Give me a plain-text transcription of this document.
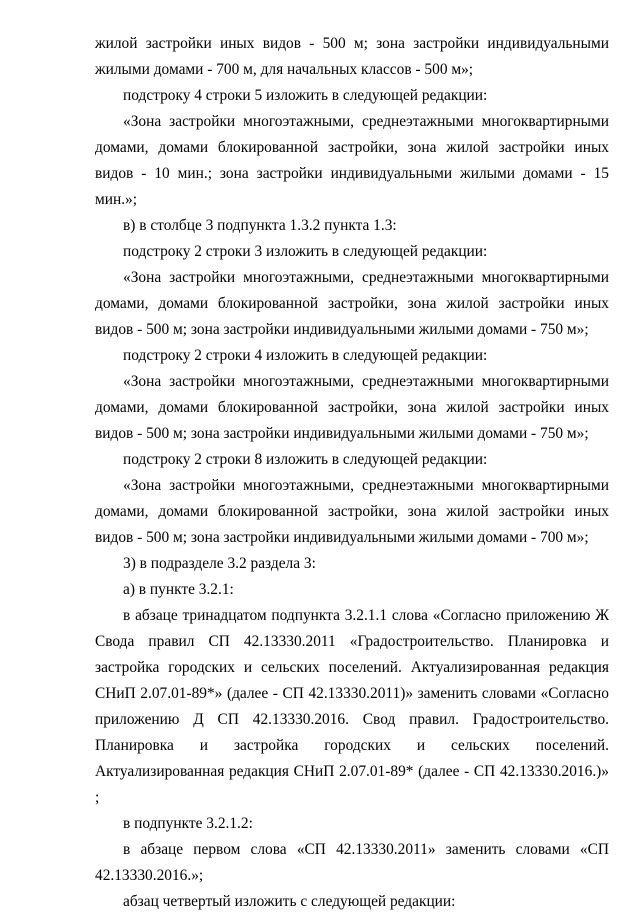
жилой застройки иных видов - 500 м; зона застройки индивидуальными жилыми домами - 700 м, для начальных классов - 500 м»;

подстроку 4 строки 5 изложить в следующей редакции:

«Зона застройки многоэтажными, среднеэтажными многоквартирными домами, домами блокированной застройки, зона жилой застройки иных видов - 10 мин.; зона застройки индивидуальными жилыми домами - 15 мин.»;

в) в столбце 3 подпункта 1.3.2 пункта 1.3:

подстроку 2 строки 3 изложить в следующей редакции:

«Зона застройки многоэтажными, среднеэтажными многоквартирными домами, домами блокированной застройки, зона жилой застройки иных видов - 500 м; зона застройки индивидуальными жилыми домами - 750 м»;

подстроку 2 строки 4 изложить в следующей редакции:

«Зона застройки многоэтажными, среднеэтажными многоквартирными домами, домами блокированной застройки, зона жилой застройки иных видов - 500 м; зона застройки индивидуальными жилыми домами - 750 м»;

подстроку 2 строки 8 изложить в следующей редакции:

«Зона застройки многоэтажными, среднеэтажными многоквартирными домами, домами блокированной застройки, зона жилой застройки иных видов - 500 м; зона застройки индивидуальными жилыми домами - 700 м»;

3) в подразделе 3.2 раздела 3:

а) в пункте 3.2.1:

в абзаце тринадцатом подпункта 3.2.1.1 слова «Согласно приложению Ж Свода правил СП 42.13330.2011 «Градостроительство. Планировка и застройка городских и сельских поселений. Актуализированная редакция СНиП 2.07.01-89*» (далее - СП 42.13330.2011)» заменить словами «Согласно приложению Д СП 42.13330.2016. Свод правил. Градостроительство. Планировка и застройка городских и сельских поселений. Актуализированная редакция СНиП 2.07.01-89* (далее - СП 42.13330.2016.)» ;

в подпункте 3.2.1.2:

в абзаце первом слова «СП 42.13330.2011» заменить словами «СП 42.13330.2016.»;

абзац четвертый изложить с следующей редакции:
